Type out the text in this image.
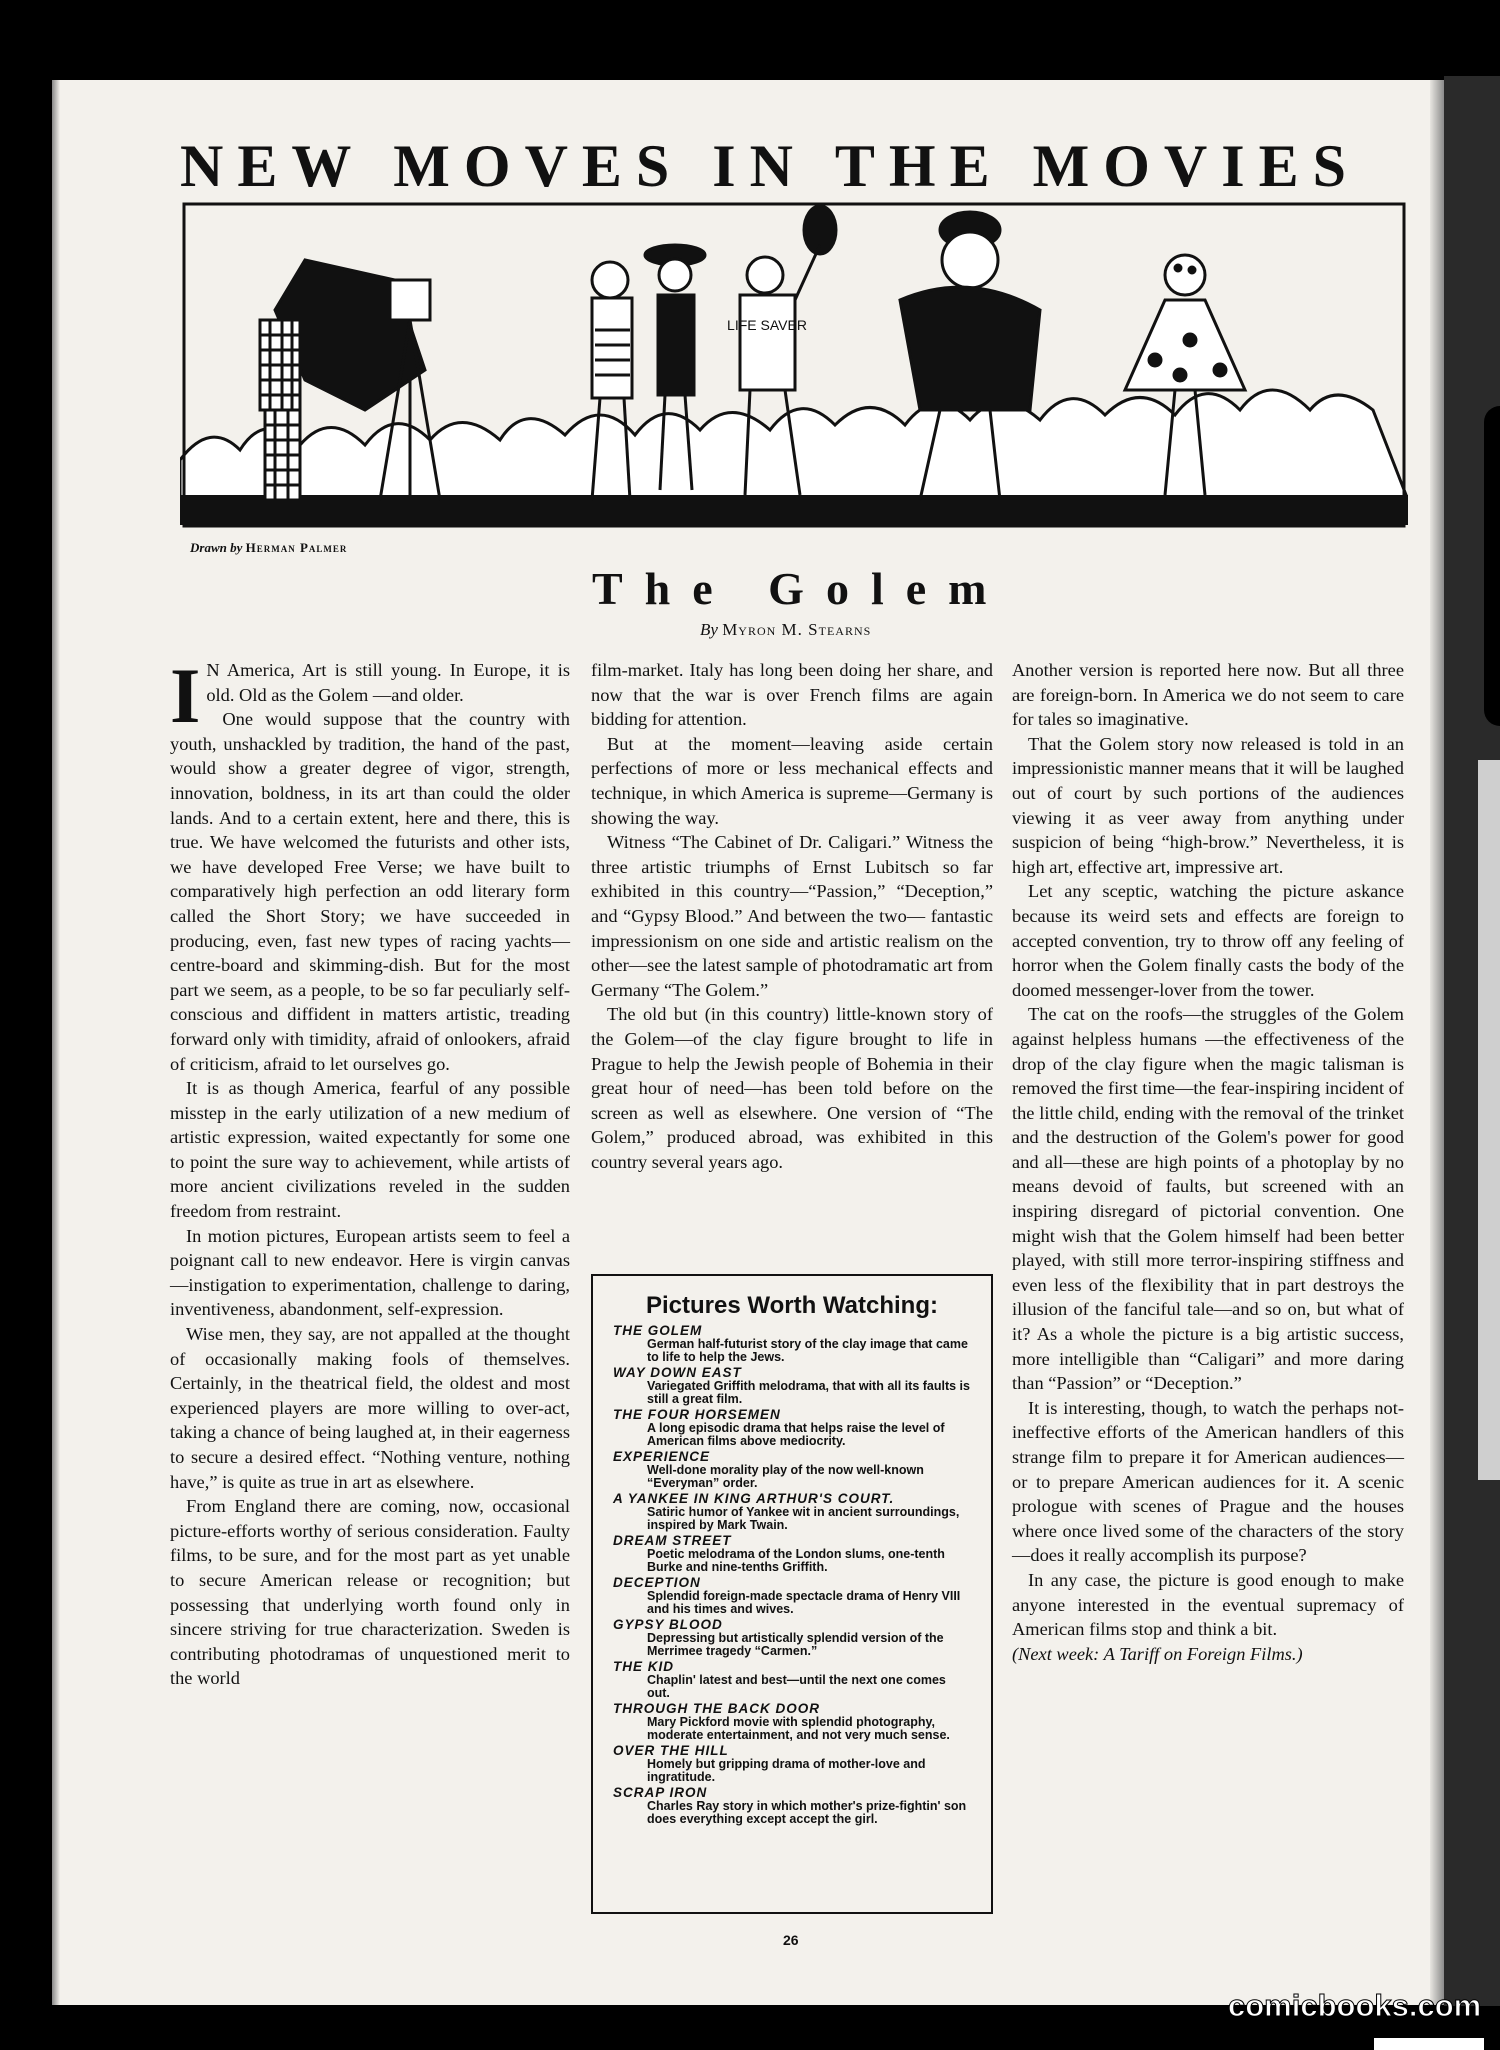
NEW MOVES IN THE MOVIES
LIFE SAVER
Drawn by Herman Palmer
The Golem
By Myron M. Stearns
I N America, Art is still young. In Europe, it is old. Old as the Golem —and older.

One would suppose that the country with youth, unshackled by tradition, the hand of the past, would show a greater degree of vigor, strength, innovation, boldness, in its art than could the older lands. And to a certain extent, here and there, this is true. We have welcomed the futurists and other ists, we have developed Free Verse; we have built to comparatively high perfection an odd literary form called the Short Story; we have succeeded in producing, even, fast new types of racing yachts— centre-board and skimming-dish. But for the most part we seem, as a people, to be so far peculiarly self-conscious and diffident in matters artistic, treading forward only with timidity, afraid of onlookers, afraid of criticism, afraid to let ourselves go.

It is as though America, fearful of any possible misstep in the early utilization of a new medium of artistic expression, waited expectantly for some one to point the sure way to achievement, while artists of more ancient civilizations reveled in the sudden freedom from restraint.

In motion pictures, European artists seem to feel a poignant call to new endeavor. Here is virgin canvas—instigation to experimentation, challenge to daring, inventiveness, abandonment, self-expression.

Wise men, they say, are not appalled at the thought of occasionally making fools of themselves. Certainly, in the theatrical field, the oldest and most experienced players are more willing to over-act, taking a chance of being laughed at, in their eagerness to secure a desired effect. “Nothing venture, nothing have,” is quite as true in art as elsewhere.

From England there are coming, now, occasional picture-efforts worthy of serious consideration. Faulty films, to be sure, and for the most part as yet unable to secure American release or recognition; but possessing that underlying worth found only in sincere striving for true characterization. Sweden is contributing photodramas of unquestioned merit to the world

film-market. Italy has long been doing her share, and now that the war is over French films are again bidding for attention.

But at the moment—leaving aside certain perfections of more or less mechanical effects and technique, in which America is supreme—Germany is showing the way.

Witness “The Cabinet of Dr. Caligari.” Witness the three artistic triumphs of Ernst Lubitsch so far exhibited in this country—“Passion,” “Deception,” and “Gypsy Blood.” And between the two— fantastic impressionism on one side and artistic realism on the other—see the latest sample of photodramatic art from Germany “The Golem.”

The old but (in this country) little-known story of the Golem—of the clay figure brought to life in Prague to help the Jewish people of Bohemia in their great hour of need—has been told before on the screen as well as elsewhere. One version of “The Golem,” produced abroad, was exhibited in this country several years ago.

Pictures Worth Watching:
THE GOLEM
German half-futurist story of the clay image that came to life to help the Jews.
WAY DOWN EAST
Variegated Griffith melodrama, that with all its faults is still a great film.
THE FOUR HORSEMEN
A long episodic drama that helps raise the level of American films above mediocrity.
EXPERIENCE
Well-done morality play of the now well-known “Everyman” order.
A YANKEE IN KING ARTHUR'S COURT.
Satiric humor of Yankee wit in ancient surroundings, inspired by Mark Twain.
DREAM STREET
Poetic melodrama of the London slums, one-tenth Burke and nine-tenths Griffith.
DECEPTION
Splendid foreign-made spectacle drama of Henry VIII and his times and wives.
GYPSY BLOOD
Depressing but artistically splendid version of the Merrimee tragedy “Carmen.”
THE KID
Chaplin' latest and best—until the next one comes out.
THROUGH THE BACK DOOR
Mary Pickford movie with splendid photography, moderate entertainment, and not very much sense.
OVER THE HILL
Homely but gripping drama of mother-love and ingratitude.
SCRAP IRON
Charles Ray story in which mother's prize-fightin' son does everything except accept the girl.

Another version is reported here now. But all three are foreign-born. In America we do not seem to care for tales so imaginative.

That the Golem story now released is told in an impressionistic manner means that it will be laughed out of court by such portions of the audiences viewing it as veer away from anything under suspicion of being “high-brow.” Nevertheless, it is high art, effective art, impressive art.

Let any sceptic, watching the picture askance because its weird sets and effects are foreign to accepted convention, try to throw off any feeling of horror when the Golem finally casts the body of the doomed messenger-lover from the tower.

The cat on the roofs—the struggles of the Golem against helpless humans —the effectiveness of the drop of the clay figure when the magic talisman is removed the first time—the fear-inspiring incident of the little child, ending with the removal of the trinket and the destruction of the Golem's power for good and all—these are high points of a photoplay by no means devoid of faults, but screened with an inspiring disregard of pictorial convention. One might wish that the Golem himself had been better played, with still more terror-inspiring stiffness and even less of the flexibility that in part destroys the illusion of the fanciful tale—and so on, but what of it? As a whole the picture is a big artistic success, more intelligible than “Caligari” and more daring than “Passion” or “Deception.”

It is interesting, though, to watch the perhaps not-ineffective efforts of the American handlers of this strange film to prepare it for American audiences—or to prepare American audiences for it. A scenic prologue with scenes of Prague and the houses where once lived some of the characters of the story—does it really accomplish its purpose?

In any case, the picture is good enough to make anyone interested in the eventual supremacy of American films stop and think a bit.

(Next week: A Tariff on Foreign Films.)

26
comicbooks.com
